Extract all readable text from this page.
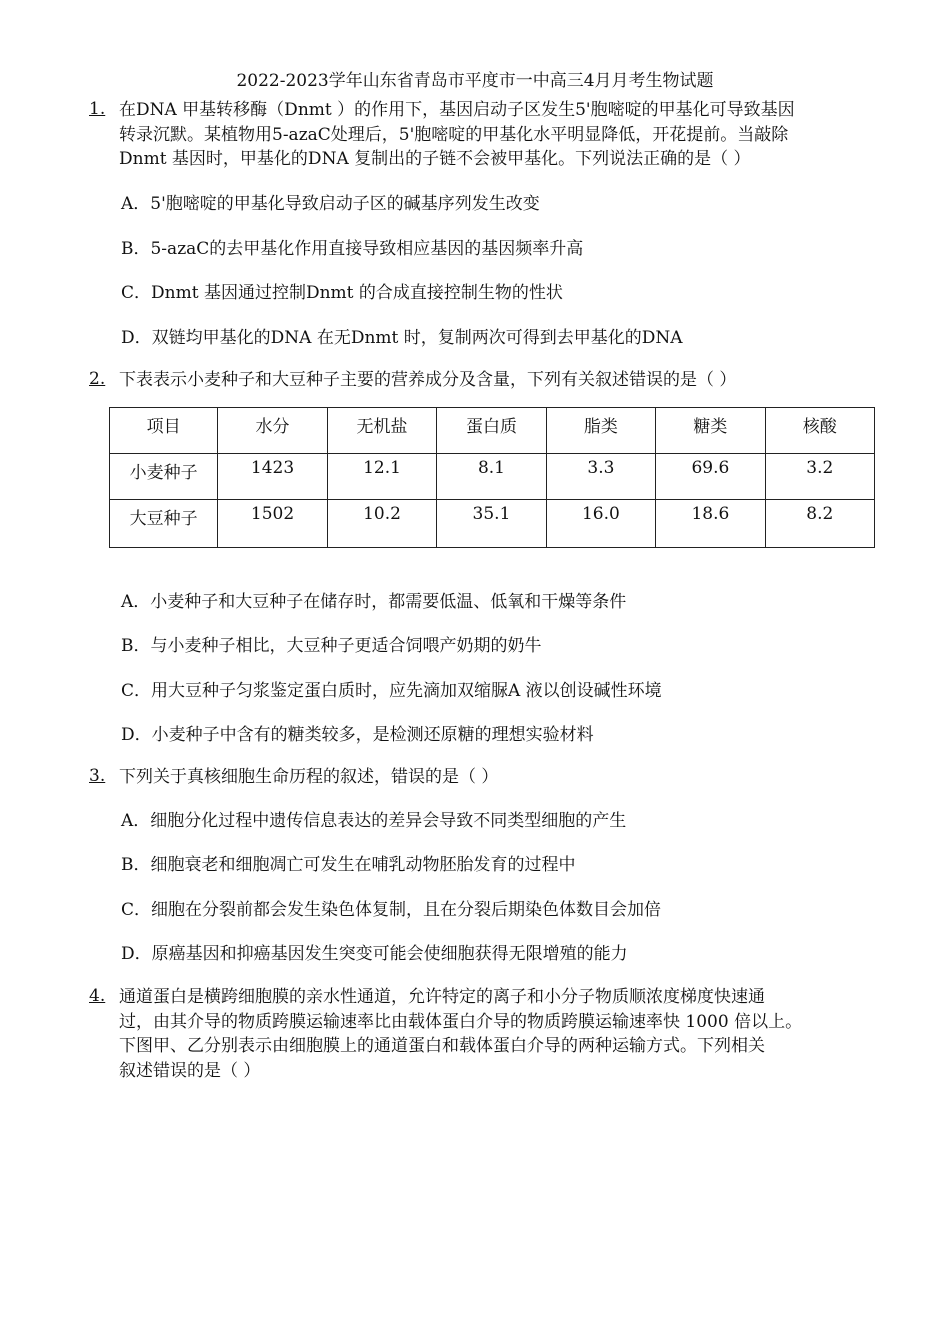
2022-2023学年山东省青岛市平度市一中高三4月月考生物试题
1. 在DNA 甲基转移酶（Dnmt ）的作用下，基因启动子区发生5'胞嘧啶的甲基化可导致基因
转录沉默。某植物用5-azaC处理后，5'胞嘧啶的甲基化水平明显降低，开花提前。当敲除
Dnmt 基因时，甲基化的DNA 复制出的子链不会被甲基化。下列说法正确的是（ ）
A．5'胞嘧啶的甲基化导致启动子区的碱基序列发生改变
B．5-azaC的去甲基化作用直接导致相应基因的基因频率升高
C．Dnmt 基因通过控制Dnmt 的合成直接控制生物的性状
D．双链均甲基化的DNA 在无Dnmt 时，复制两次可得到去甲基化的DNA
2. 下表表示小麦种子和大豆种子主要的营养成分及含量，下列有关叙述错误的是（ ）
项目	水分	无机盐	蛋白质	脂类	糖类	核酸
小麦种子	1423	12.1	8.1	3.3	69.6	3.2
大豆种子	1502	10.2	35.1	16.0	18.6	8.2
A．小麦种子和大豆种子在储存时，都需要低温、低氧和干燥等条件
B．与小麦种子相比，大豆种子更适合饲喂产奶期的奶牛
C．用大豆种子匀浆鉴定蛋白质时，应先滴加双缩脲A 液以创设碱性环境
D．小麦种子中含有的糖类较多，是检测还原糖的理想实验材料
3. 下列关于真核细胞生命历程的叙述，错误的是（ ）
A．细胞分化过程中遗传信息表达的差异会导致不同类型细胞的产生
B．细胞衰老和细胞凋亡可发生在哺乳动物胚胎发育的过程中
C．细胞在分裂前都会发生染色体复制，且在分裂后期染色体数目会加倍
D．原癌基因和抑癌基因发生突变可能会使细胞获得无限增殖的能力
4. 通道蛋白是横跨细胞膜的亲水性通道，允许特定的离子和小分子物质顺浓度梯度快速通
过，由其介导的物质跨膜运输速率比由载体蛋白介导的物质跨膜运输速率快 1000 倍以上。
下图甲、乙分别表示由细胞膜上的通道蛋白和载体蛋白介导的两种运输方式。下列相关
叙述错误的是（ ）
